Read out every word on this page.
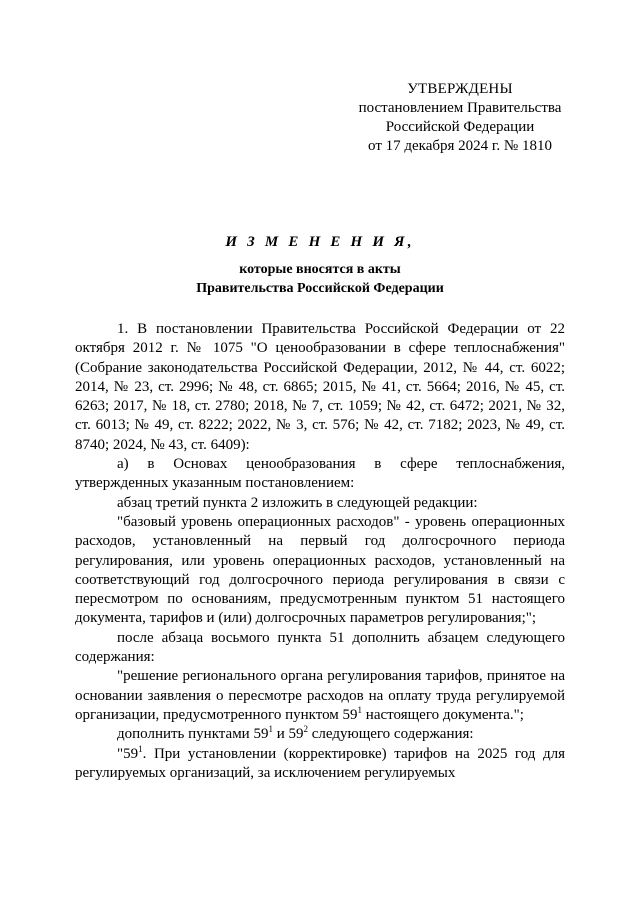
УТВЕРЖДЕНЫ
постановлением Правительства
Российской Федерации
от 17 декабря 2024 г. № 1810
И З М Е Н Е Н И Я,
которые вносятся в акты
Правительства Российской Федерации

1. В постановлении Правительства Российской Федерации от 22 октября 2012 г. № 1075 "О ценообразовании в сфере теплоснабжения" (Собрание законодательства Российской Федерации, 2012, № 44, ст. 6022; 2014, № 23, ст. 2996; № 48, ст. 6865; 2015, № 41, ст. 5664; 2016, № 45, ст. 6263; 2017, № 18, ст. 2780; 2018, № 7, ст. 1059; № 42, ст. 6472; 2021, № 32, ст. 6013; № 49, ст. 8222; 2022, № 3, ст. 576; № 42, ст. 7182; 2023, № 49, ст. 8740; 2024, № 43, ст. 6409):

а) в Основах ценообразования в сфере теплоснабжения, утвержденных указанным постановлением:

абзац третий пункта 2 изложить в следующей редакции:

"базовый уровень операционных расходов" - уровень операционных расходов, установленный на первый год долгосрочного периода регулирования, или уровень операционных расходов, установленный на соответствующий год долгосрочного периода регулирования в связи с пересмотром по основаниям, предусмотренным пунктом 51 настоящего документа, тарифов и (или) долгосрочных параметров регулирования;";

после абзаца восьмого пункта 51 дополнить абзацем следующего содержания:

"решение регионального органа регулирования тарифов, принятое на основании заявления о пересмотре расходов на оплату труда регулируемой организации, предусмотренного пунктом $59^1$ настоящего документа.";

дополнить пунктами $59^1$ и $59^2$ следующего содержания:

"$59^1$. При установлении (корректировке) тарифов на 2025 год для регулируемых организаций, за исключением регулируемых
